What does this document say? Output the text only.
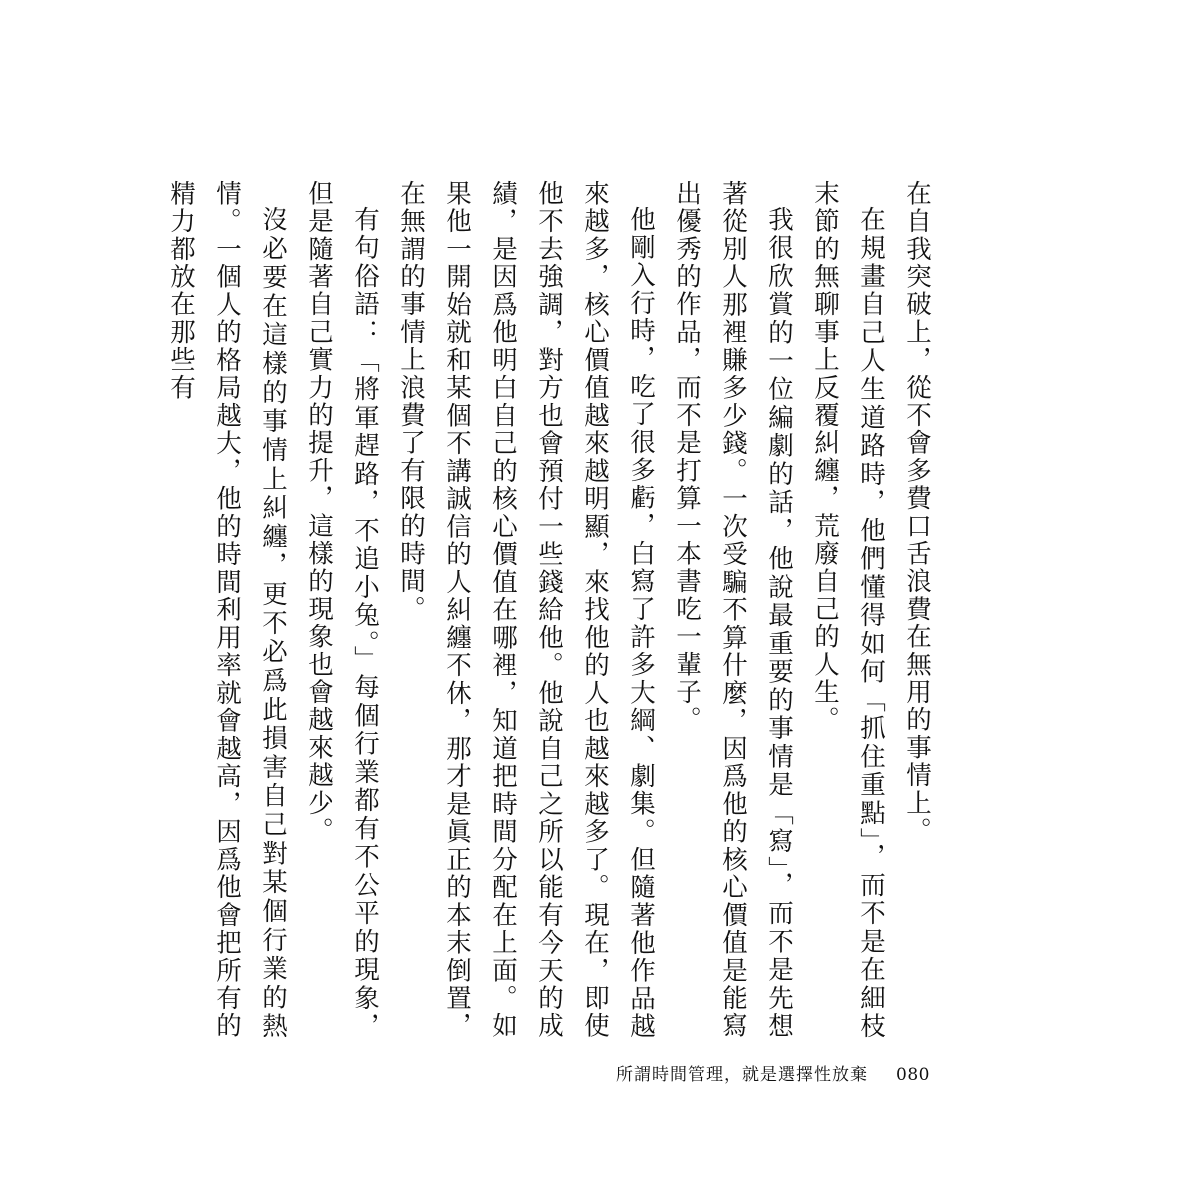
在自我突破上，從不會多費口舌浪費在無用的事情上。

在規畫自己人生道路時，他們懂得如何「抓住重點」，而不是在細枝末節的無聊事上反覆糾纏，荒廢自己的人生。

我很欣賞的一位編劇的話，他說最重要的事情是「寫」，而不是先想著從別人那裡賺多少錢。一次受騙不算什麼，因爲他的核心價值是能寫出優秀的作品，而不是打算一本書吃一輩子。

他剛入行時，吃了很多虧，白寫了許多大綱、劇集。但隨著他作品越來越多，核心價值越來越明顯，來找他的人也越來越多了。現在，即使他不去強調，對方也會預付一些錢給他。他說自己之所以能有今天的成績，是因爲他明白自己的核心價值在哪裡，知道把時間分配在上面。如果他一開始就和某個不講誠信的人糾纏不休，那才是眞正的本末倒置，在無謂的事情上浪費了有限的時間。

有句俗語：「將軍趕路，不追小兔。」每個行業都有不公平的現象，但是隨著自己實力的提升，這樣的現象也會越來越少。

沒必要在這樣的事情上糾纏，更不必爲此損害自己對某個行業的熱情。一個人的格局越大，他的時間利用率就會越高，因爲他會把所有的精力都放在那些有

所謂時間管理，就是選擇性放棄 080
